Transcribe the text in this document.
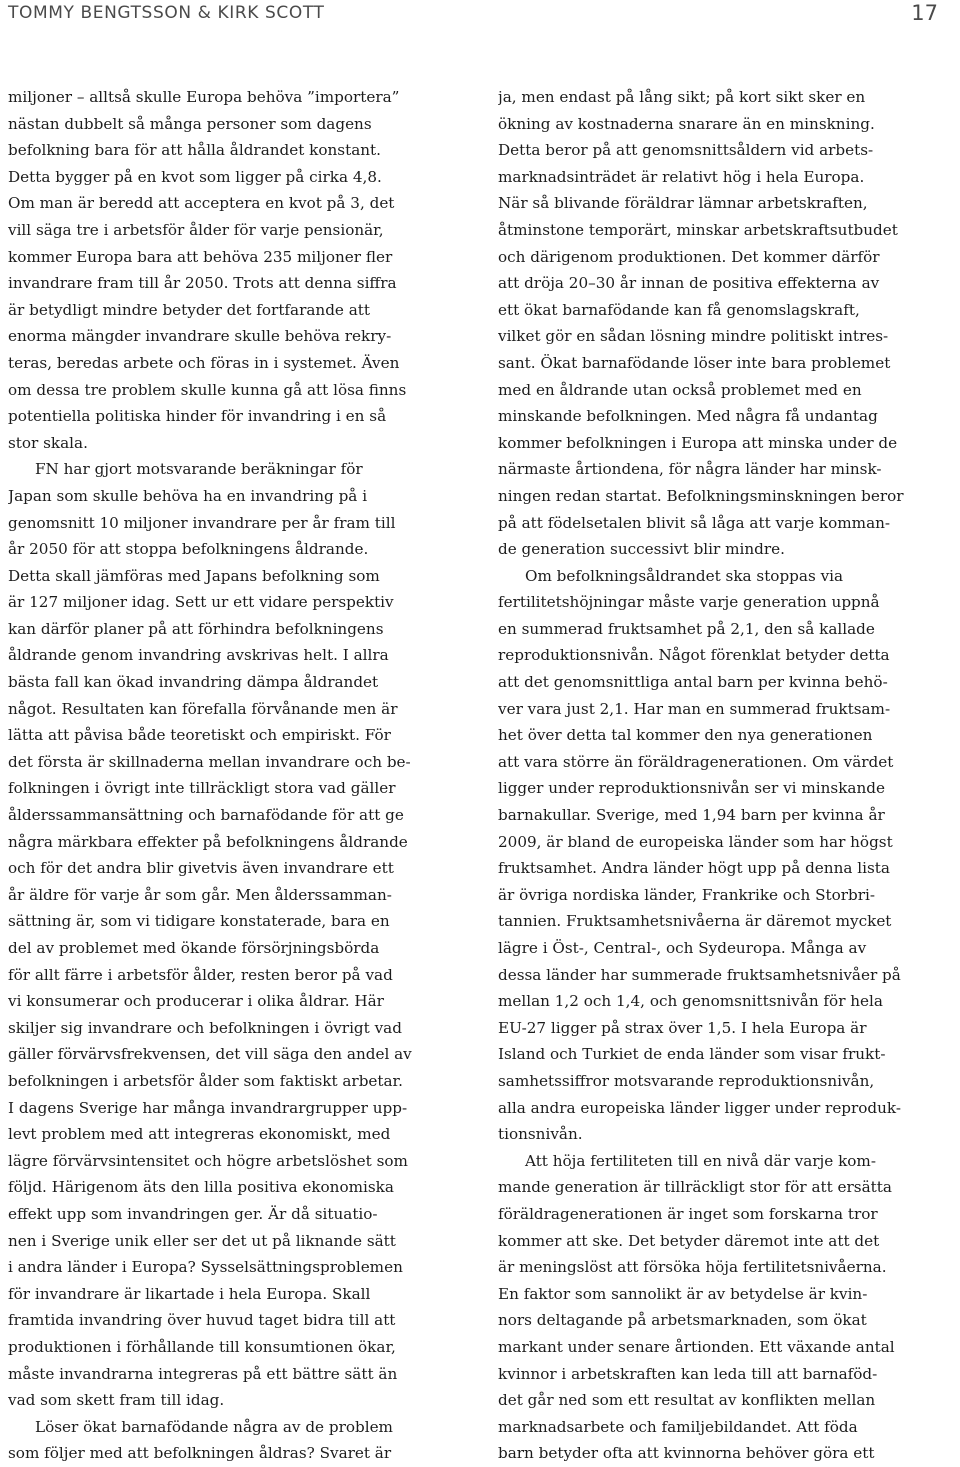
TOMMY BENGTSSON & KIRK SCOTT	17
miljoner – alltså skulle Europa behöva ”importera”
nästan dubbelt så många personer som dagens
befolkning bara för att hålla åldrandet konstant.
Detta bygger på en kvot som ligger på cirka 4,8.
Om man är beredd att acceptera en kvot på 3, det
vill säga tre i arbetsför ålder för varje pensionär,
kommer Europa bara att behöva 235 miljoner fler
invandrare fram till år 2050. Trots att denna siffra
är betydligt mindre betyder det fortfarande att
enorma mängder invandrare skulle behöva rekry-
teras, beredas arbete och föras in i systemet. Även
om dessa tre problem skulle kunna gå att lösa finns
potentiella politiska hinder för invandring i en så
stor skala.
FN har gjort motsvarande beräkningar för
Japan som skulle behöva ha en invandring på i
genomsnitt 10 miljoner invandrare per år fram till
år 2050 för att stoppa befolkningens åldrande.
Detta skall jämföras med Japans befolkning som
är 127 miljoner idag. Sett ur ett vidare perspektiv
kan därför planer på att förhindra befolkningens
åldrande genom invandring avskrivas helt. I allra
bästa fall kan ökad invandring dämpa åldrandet
något. Resultaten kan förefalla förvånande men är
lätta att påvisa både teoretiskt och empiriskt. För
det första är skillnaderna mellan invandrare och be-
folkningen i övrigt inte tillräckligt stora vad gäller
ålderssammansättning och barnafödande för att ge
några märkbara effekter på befolkningens åldrande
och för det andra blir givetvis även invandrare ett
år äldre för varje år som går. Men ålderssamman-
sättning är, som vi tidigare konstaterade, bara en
del av problemet med ökande försörjningsbörda
för allt färre i arbetsför ålder, resten beror på vad
vi konsumerar och producerar i olika åldrar. Här
skiljer sig invandrare och befolkningen i övrigt vad
gäller förvärvsfrekvensen, det vill säga den andel av
befolkningen i arbetsför ålder som faktiskt arbetar.
I dagens Sverige har många invandrargrupper upp-
levt problem med att integreras ekonomiskt, med
lägre förvärvsintensitet och högre arbetslöshet som
följd. Härigenom äts den lilla positiva ekonomiska
effekt upp som invandringen ger. Är då situatio-
nen i Sverige unik eller ser det ut på liknande sätt
i andra länder i Europa? Sysselsättningsproblemen
för invandrare är likartade i hela Europa. Skall
framtida invandring över huvud taget bidra till att
produktionen i förhållande till konsumtionen ökar,
måste invandrarna integreras på ett bättre sätt än
vad som skett fram till idag.
Löser ökat barnafödande några av de problem
som följer med att befolkningen åldras? Svaret är
ja, men endast på lång sikt; på kort sikt sker en
ökning av kostnaderna snarare än en minskning.
Detta beror på att genomsnittsåldern vid arbets-
marknadsinträdet är relativt hög i hela Europa.
När så blivande föräldrar lämnar arbetskraften,
åtminstone temporärt, minskar arbetskraftsutbudet
och därigenom produktionen. Det kommer därför
att dröja 20–30 år innan de positiva effekterna av
ett ökat barnafödande kan få genomslagskraft,
vilket gör en sådan lösning mindre politiskt intres-
sant. Ökat barnafödande löser inte bara problemet
med en åldrande utan också problemet med en
minskande befolkningen. Med några få undantag
kommer befolkningen i Europa att minska under de
närmaste årtiondena, för några länder har minsk-
ningen redan startat. Befolkningsminskningen beror
på att födelsetalen blivit så låga att varje komman-
de generation successivt blir mindre.
Om befolkningsåldrandet ska stoppas via
fertilitetshöjningar måste varje generation uppnå
en summerad fruktsamhet på 2,1, den så kallade
reproduktionsnivån. Något förenklat betyder detta
att det genomsnittliga antal barn per kvinna behö-
ver vara just 2,1. Har man en summerad fruktsam-
het över detta tal kommer den nya generationen
att vara större än föräldragenerationen. Om värdet
ligger under reproduktionsnivån ser vi minskande
barnakullar. Sverige, med 1,94 barn per kvinna år
2009, är bland de europeiska länder som har högst
fruktsamhet. Andra länder högt upp på denna lista
är övriga nordiska länder, Frankrike och Storbri-
tannien. Fruktsamhetsnivåerna är däremot mycket
lägre i Öst-, Central-, och Sydeuropa. Många av
dessa länder har summerade fruktsamhetsnivåer på
mellan 1,2 och 1,4, och genomsnittsnivån för hela
EU-27 ligger på strax över 1,5. I hela Europa är
Island och Turkiet de enda länder som visar frukt-
samhetssiffror motsvarande reproduktionsnivån,
alla andra europeiska länder ligger under reproduk-
tionsnivån.
Att höja fertiliteten till en nivå där varje kom-
mande generation är tillräckligt stor för att ersätta
föräldragenerationen är inget som forskarna tror
kommer att ske. Det betyder däremot inte att det
är meningslöst att försöka höja fertilitetsnivåerna.
En faktor som sannolikt är av betydelse är kvin-
nors deltagande på arbetsmarknaden, som ökat
markant under senare årtionden. Ett växande antal
kvinnor i arbetskraften kan leda till att barnaföd-
det går ned som ett resultat av konflikten mellan
marknadsarbete och familjebildandet. Att föda
barn betyder ofta att kvinnorna behöver göra ett
